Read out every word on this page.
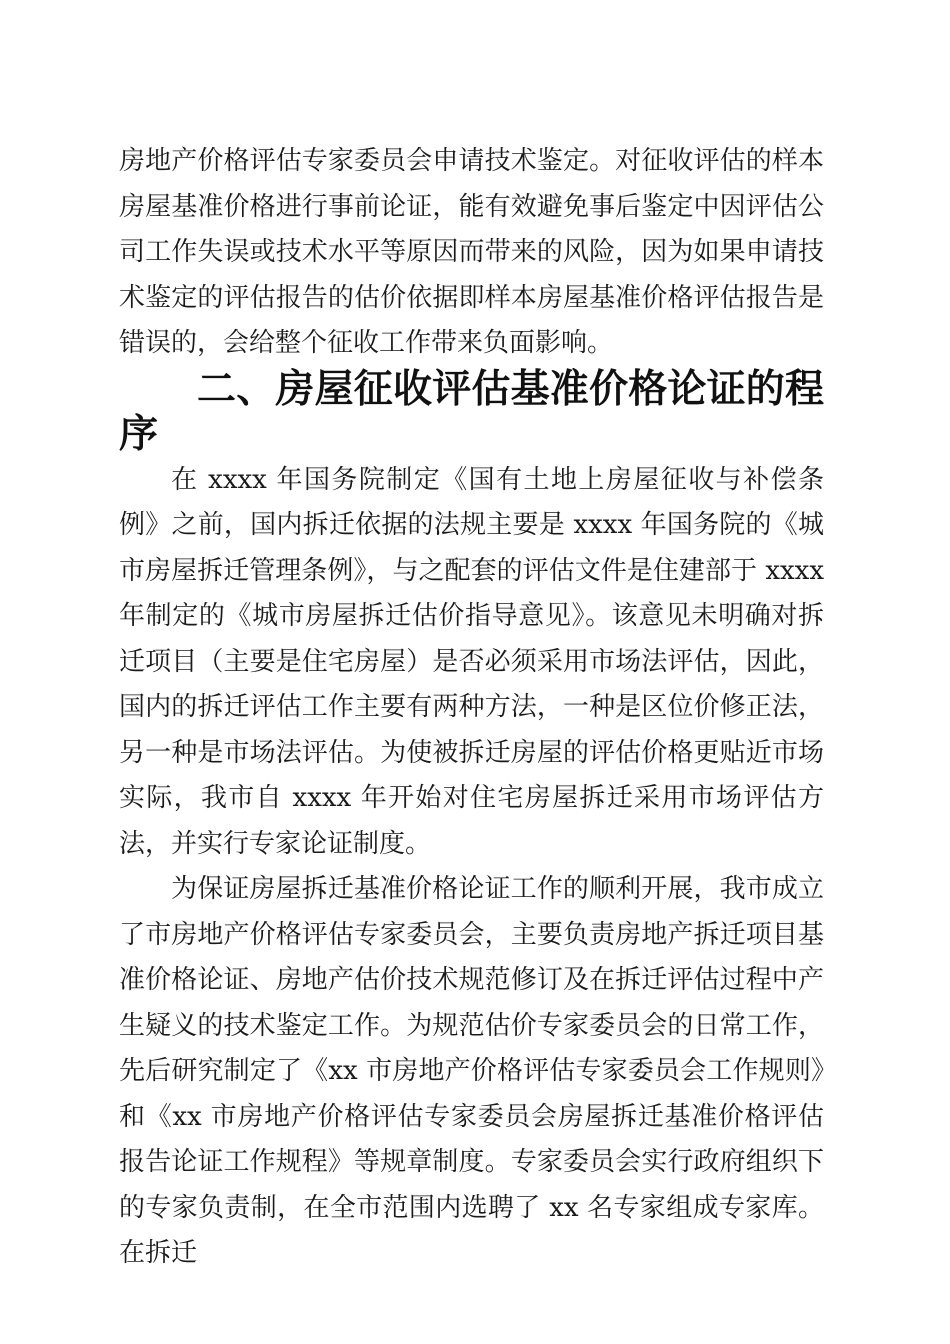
房地产价格评估专家委员会申请技术鉴定。对征收评估的样本房屋基准价格进行事前论证，能有效避免事后鉴定中因评估公司工作失误或技术水平等原因而带来的风险，因为如果申请技术鉴定的评估报告的估价依据即样本房屋基准价格评估报告是错误的，会给整个征收工作带来负面影响。

二、房屋征收评估基准价格论证的程序

在 xxxx 年国务院制定《国有土地上房屋征收与补偿条例》之前，国内拆迁依据的法规主要是 xxxx 年国务院的《城市房屋拆迁管理条例》，与之配套的评估文件是住建部于 xxxx 年制定的《城市房屋拆迁估价指导意见》。该意见未明确对拆迁项目（主要是住宅房屋）是否必须采用市场法评估，因此，国内的拆迁评估工作主要有两种方法，一种是区位价修正法，另一种是市场法评估。为使被拆迁房屋的评估价格更贴近市场实际，我市自 xxxx 年开始对住宅房屋拆迁采用市场评估方法，并实行专家论证制度。

为保证房屋拆迁基准价格论证工作的顺利开展，我市成立了市房地产价格评估专家委员会，主要负责房地产拆迁项目基准价格论证、房地产估价技术规范修订及在拆迁评估过程中产生疑义的技术鉴定工作。为规范估价专家委员会的日常工作，先后研究制定了《xx 市房地产价格评估专家委员会工作规则》和《xx 市房地产价格评估专家委员会房屋拆迁基准价格评估报告论证工作规程》等规章制度。专家委员会实行政府组织下的专家负责制，在全市范围内选聘了 xx 名专家组成专家库。在拆迁
